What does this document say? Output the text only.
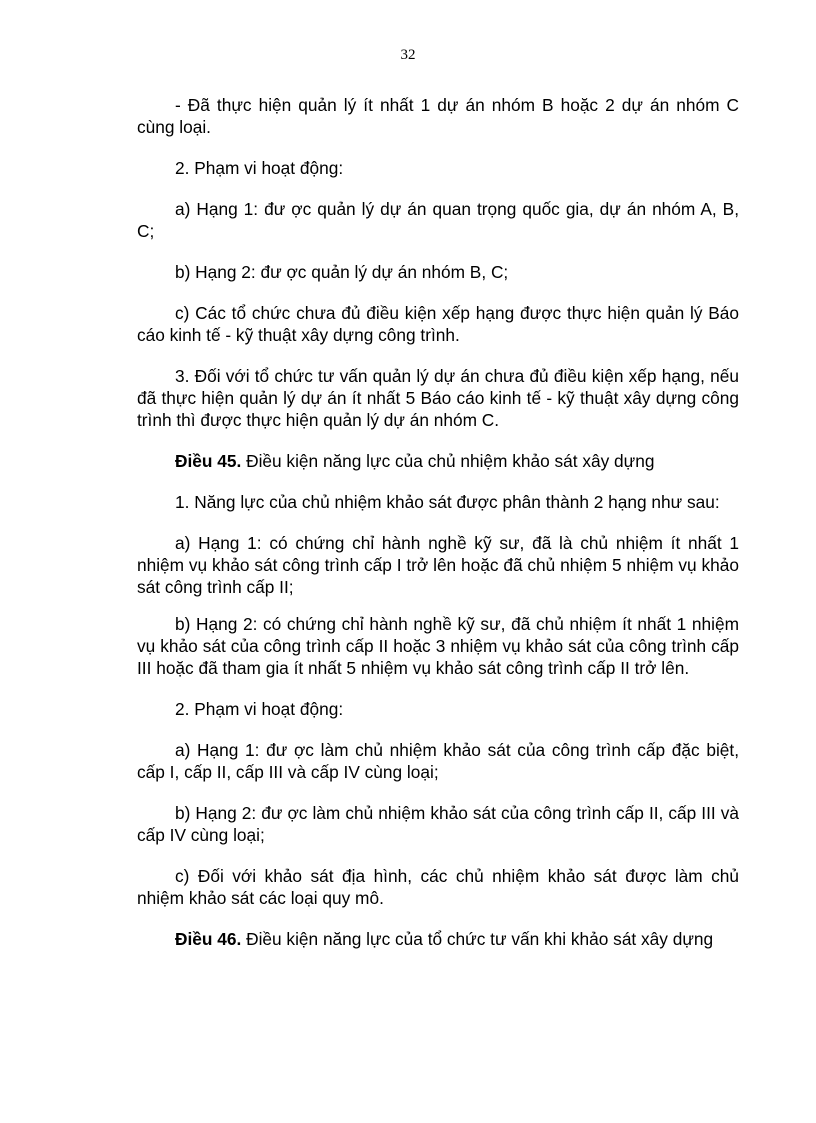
32

- Đã thực hiện quản lý ít nhất 1 dự án nhóm B hoặc 2 dự án nhóm C cùng loại.

2. Phạm vi hoạt động:

a) Hạng 1: đư ợc quản lý dự án quan trọng quốc gia, dự án nhóm A, B, C;

b) Hạng 2: đư ợc quản lý dự án nhóm B, C;

c) Các tổ chức chưa đủ điều kiện xếp hạng được thực hiện quản lý Báo cáo kinh tế - kỹ thuật xây dựng công trình.

3. Đối với tổ chức tư vấn quản lý dự án chưa đủ điều kiện xếp hạng, nếu đã thực hiện quản lý dự án ít nhất 5 Báo cáo kinh tế - kỹ thuật xây dựng công trình thì được thực hiện quản lý dự án nhóm C.

Điều 45. Điều kiện năng lực của chủ nhiệm khảo sát xây dựng

1. Năng lực của chủ nhiệm khảo sát được phân thành 2 hạng như sau:

a) Hạng 1: có chứng chỉ hành nghề kỹ sư, đã là chủ nhiệm ít nhất 1 nhiệm vụ khảo sát công trình cấp I trở lên hoặc đã chủ nhiệm 5 nhiệm vụ khảo sát công trình cấp II;

b) Hạng 2: có chứng chỉ hành nghề kỹ sư, đã chủ nhiệm ít nhất 1 nhiệm vụ khảo sát của công trình cấp II hoặc 3 nhiệm vụ khảo sát của công trình cấp III hoặc đã tham gia ít nhất 5 nhiệm vụ khảo sát công trình cấp II trở lên.

2. Phạm vi hoạt động:

a) Hạng 1: đư ợc làm chủ nhiệm khảo sát của công trình cấp đặc biệt, cấp I, cấp II, cấp III và cấp IV cùng loại;

b) Hạng 2: đư ợc làm chủ nhiệm khảo sát của công trình cấp II, cấp III và cấp IV cùng loại;

c) Đối với khảo sát địa hình, các chủ nhiệm khảo sát được làm chủ nhiệm khảo sát các loại quy mô.

Điều 46. Điều kiện năng lực của tổ chức tư vấn khi khảo sát xây dựng
